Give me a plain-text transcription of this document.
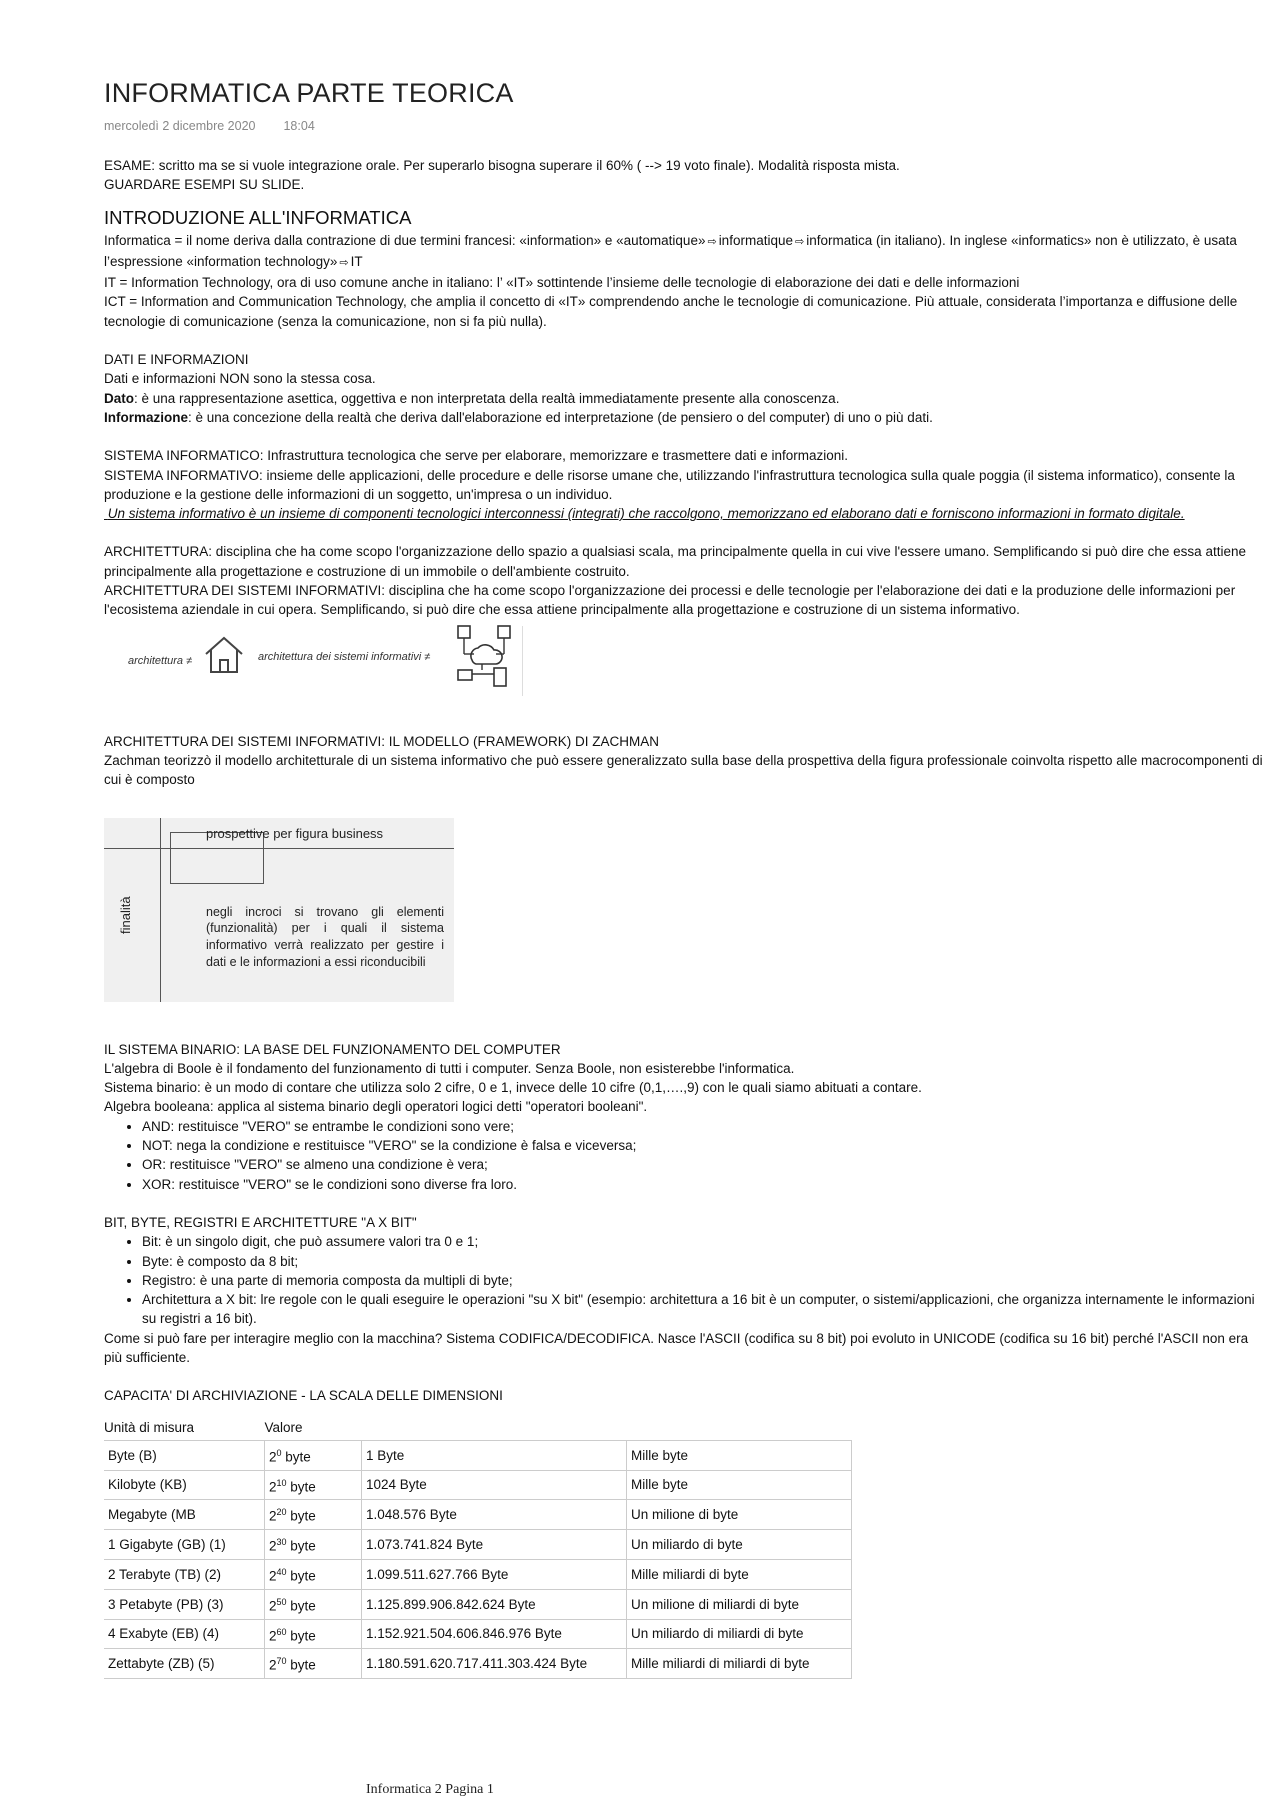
INFORMATICA PARTE TEORICA
mercoledì 2 dicembre 2020 18:04

ESAME: scritto ma se si vuole integrazione orale. Per superarlo bisogna superare il 60% ( --> 19 voto finale). Modalità risposta mista.

GUARDARE ESEMPI SU SLIDE.

INTRODUZIONE ALL'INFORMATICA

Informatica = il nome deriva dalla contrazione di due termini francesi: «information» e «automatique» ⇨ informatique ⇨ informatica (in italiano). In inglese «informatics» non è utilizzato, è usata l’espressione «information technology» ⇨ IT

IT = Information Technology, ora di uso comune anche in italiano: l’ «IT» sottintende l’insieme delle tecnologie di elaborazione dei dati e delle informazioni

ICT = Information and Communication Technology, che amplia il concetto di «IT» comprendendo anche le tecnologie di comunicazione. Più attuale, considerata l’importanza e diffusione delle tecnologie di comunicazione (senza la comunicazione, non si fa più nulla).

DATI E INFORMAZIONI

Dati e informazioni NON sono la stessa cosa.

Dato: è una rappresentazione asettica, oggettiva e non interpretata della realtà immediatamente presente alla conoscenza.

Informazione: è una concezione della realtà che deriva dall'elaborazione ed interpretazione (de pensiero o del computer) di uno o più dati.

SISTEMA INFORMATICO: Infrastruttura tecnologica che serve per elaborare, memorizzare e trasmettere dati e informazioni.

SISTEMA INFORMATIVO: insieme delle applicazioni, delle procedure e delle risorse umane che, utilizzando l'infrastruttura tecnologica sulla quale poggia (il sistema informatico), consente la produzione e la gestione delle informazioni di un soggetto, un'impresa o un individuo.

Un sistema informativo è un insieme di componenti tecnologici interconnessi (integrati) che raccolgono, memorizzano ed elaborano dati e forniscono informazioni in formato digitale.

ARCHITETTURA: disciplina che ha come scopo l'organizzazione dello spazio a qualsiasi scala, ma principalmente quella in cui vive l'essere umano. Semplificando si può dire che essa attiene principalmente alla progettazione e costruzione di un immobile o dell'ambiente costruito.

ARCHITETTURA DEI SISTEMI INFORMATIVI: disciplina che ha come scopo l'organizzazione dei processi e delle tecnologie per l'elaborazione dei dati e la produzione delle informazioni per l'ecosistema aziendale in cui opera. Semplificando, si può dire che essa attiene principalmente alla progettazione e costruzione di un sistema informativo.

architettura ≠	architettura dei sistemi informativi ≠

ARCHITETTURA DEI SISTEMI INFORMATIVI: IL MODELLO (FRAMEWORK) DI ZACHMAN

Zachman teorizzò il modello architetturale di un sistema informativo che può essere generalizzato sulla base della prospettiva della figura professionale coinvolta rispetto alle macrocomponenti di cui è composto

prospettive per figura business
finalità	negli incroci si trovano gli elementi (funzionalità) per i quali il sistema informativo verrà realizzato per gestire i dati e le informazioni a essi riconducibili

IL SISTEMA BINARIO: LA BASE DEL FUNZIONAMENTO DEL COMPUTER

L'algebra di Boole è il fondamento del funzionamento di tutti i computer. Senza Boole, non esisterebbe l'informatica.

Sistema binario: è un modo di contare che utilizza solo 2 cifre, 0 e 1, invece delle 10 cifre (0,1,….,9) con le quali siamo abituati a contare.

Algebra booleana: applica al sistema binario degli operatori logici detti "operatori booleani".

• AND: restituisce "VERO" se entrambe le condizioni sono vere;
• NOT: nega la condizione e restituisce "VERO" se la condizione è falsa e viceversa;
• OR: restituisce "VERO" se almeno una condizione è vera;
• XOR: restituisce "VERO" se le condizioni sono diverse fra loro.

BIT, BYTE, REGISTRI E ARCHITETTURE "A X BIT"

• Bit: è un singolo digit, che può assumere valori tra 0 e 1;
• Byte: è composto da 8 bit;
• Registro: è una parte di memoria composta da multipli di byte;
• Architettura a X bit: lre regole con le quali eseguire le operazioni "su X bit" (esempio: architettura a 16 bit è un computer, o sistemi/applicazioni, che organizza internamente le informazioni su registri a 16 bit).

Come si può fare per interagire meglio con la macchina? Sistema CODIFICA/DECODIFICA. Nasce l'ASCII (codifica su 8 bit) poi evoluto in UNICODE (codifica su 16 bit) perché l'ASCII non era più sufficiente.

CAPACITA' DI ARCHIVIAZIONE - LA SCALA DELLE DIMENSIONI

Unità di misura	Valore		
Byte (B)	$2^0$ byte	1 Byte	Mille byte
Kilobyte (KB)	$2^{10}$ byte	1024 Byte	Mille byte
Megabyte (MB	$2^{20}$ byte	1.048.576 Byte	Un milione di byte
1 Gigabyte (GB) (1)	$2^{30}$ byte	1.073.741.824 Byte	Un miliardo di byte
2 Terabyte (TB) (2)	$2^{40}$ byte	1.099.511.627.766 Byte	Mille miliardi di byte
3 Petabyte (PB) (3)	$2^{50}$ byte	1.125.899.906.842.624 Byte	Un milione di miliardi di byte
4 Exabyte (EB) (4)	$2^{60}$ byte	1.152.921.504.606.846.976 Byte	Un miliardo di miliardi di byte
Zettabyte (ZB) (5)	$2^{70}$ byte	1.180.591.620.717.411.303.424 Byte	Mille miliardi di miliardi di byte
Informatica 2 Pagina 1
